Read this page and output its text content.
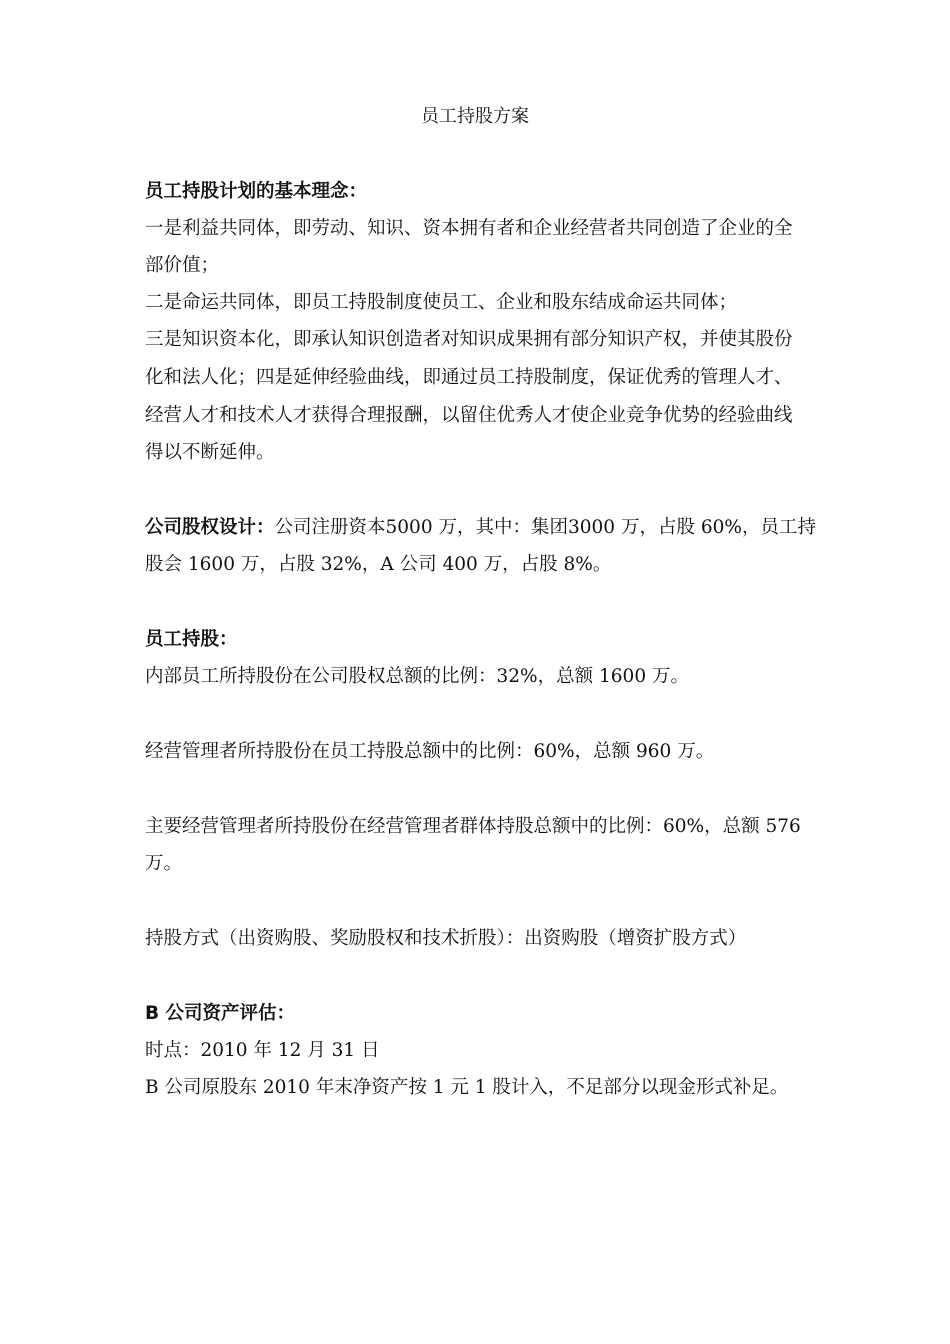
员工持股方案
员工持股计划的基本理念：
一是利益共同体，即劳动、知识、资本拥有者和企业经营者共同创造了企业的全
部价值；
二是命运共同体，即员工持股制度使员工、企业和股东结成命运共同体；
三是知识资本化，即承认知识创造者对知识成果拥有部分知识产权，并使其股份
化和法人化；四是延伸经验曲线，即通过员工持股制度，保证优秀的管理人才、
经营人才和技术人才获得合理报酬，以留住优秀人才使企业竞争优势的经验曲线
得以不断延伸。
公司股权设计：公司注册资本5000 万，其中：集团3000 万，占股 60%，员工持
股会 1600 万，占股 32%，A 公司 400 万，占股 8%。
员工持股：
内部员工所持股份在公司股权总额的比例：32%，总额 1600 万。
经营管理者所持股份在员工持股总额中的比例：60%，总额 960 万。
主要经营管理者所持股份在经营管理者群体持股总额中的比例：60%，总额 576
万。
持股方式（出资购股、奖励股权和技术折股）：出资购股（增资扩股方式）
B 公司资产评估：
时点：2010 年 12 月 31 日
B 公司原股东 2010 年末净资产按 1 元 1 股计入，不足部分以现金形式补足。
